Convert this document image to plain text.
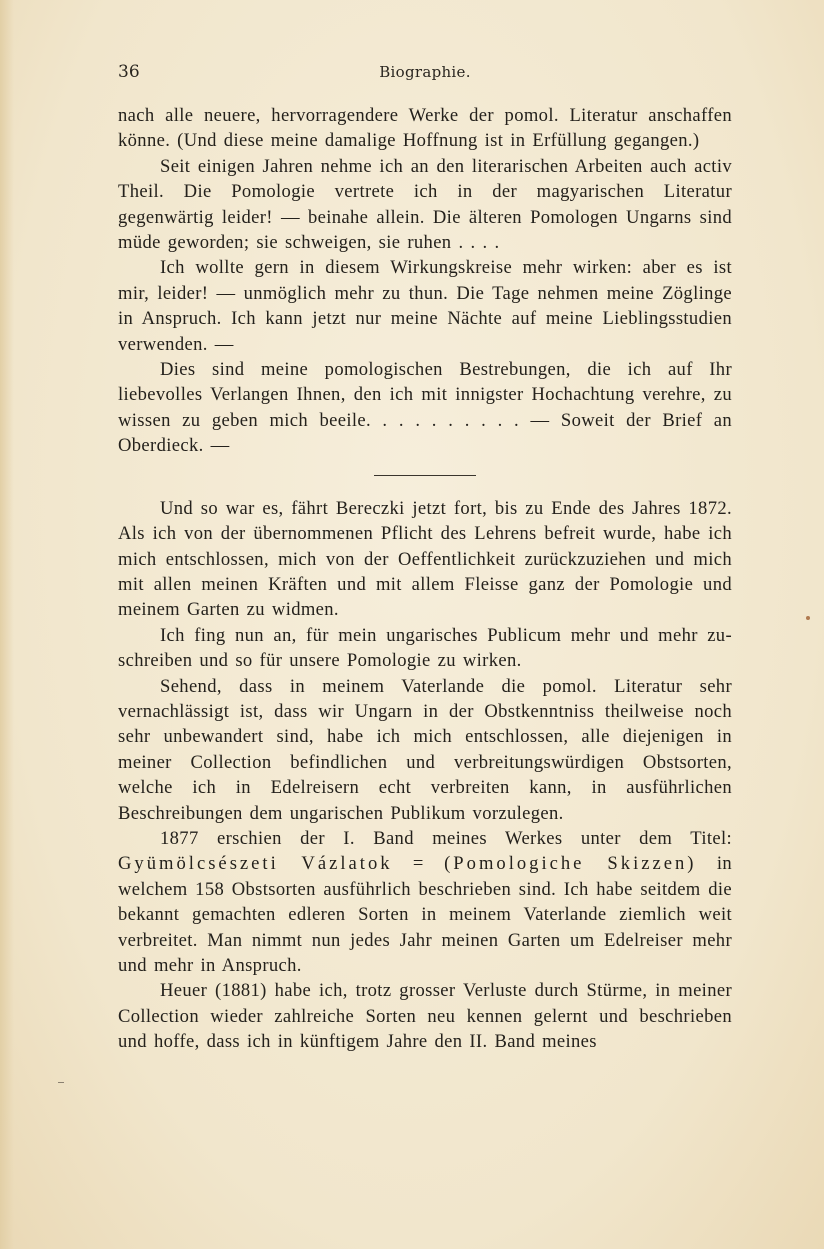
36	Biographie.

nach alle neuere, hervorragendere Werke der pomol. Literatur anschaffen könne. (Und diese meine damalige Hoffnung ist in Erfüllung gegangen.)

Seit einigen Jahren nehme ich an den literarischen Arbeiten auch activ Theil. Die Pomologie vertrete ich in der magyarischen Literatur gegenwärtig leider! — beinahe allein. Die älteren Pomologen Ungarns sind müde geworden; sie schweigen, sie ruhen . . . .

Ich wollte gern in diesem Wirkungskreise mehr wirken: aber es ist mir, leider! — unmöglich mehr zu thun. Die Tage nehmen meine Zöglinge in Anspruch. Ich kann jetzt nur meine Nächte auf meine Lieblingsstudien verwenden. —

Dies sind meine pomologischen Bestrebungen, die ich auf Ihr liebevolles Verlangen Ihnen, den ich mit innigster Hochachtung verehre, zu wissen zu geben mich beeile. . . . . . . . . . — Soweit der Brief an Oberdieck. —

Und so war es, fährt Bereczki jetzt fort, bis zu Ende des Jahres 1872. Als ich von der übernommenen Pflicht des Lehrens befreit wurde, habe ich mich entschlossen, mich von der Oeffentlichkeit zurückzuziehen und mich mit allen meinen Kräften und mit allem Fleisse ganz der Pomologie und meinem Garten zu widmen.

Ich fing nun an, für mein ungarisches Publicum mehr und mehr zu-schreiben und so für unsere Pomologie zu wirken.

Sehend, dass in meinem Vaterlande die pomol. Literatur sehr vernachlässigt ist, dass wir Ungarn in der Obstkenntniss theilweise noch sehr unbewandert sind, habe ich mich entschlossen, alle diejenigen in meiner Collection befindlichen und verbreitungswürdigen Obstsorten, welche ich in Edelreisern echt verbreiten kann, in ausführlichen Beschreibungen dem ungarischen Publikum vorzulegen.

1877 erschien der I. Band meines Werkes unter dem Titel: Gyümölcsészeti Vázlatok = (Pomologiche Skizzen) in welchem 158 Obstsorten ausführlich beschrieben sind. Ich habe seitdem die bekannt gemachten edleren Sorten in meinem Vaterlande ziemlich weit verbreitet. Man nimmt nun jedes Jahr meinen Garten um Edelreiser mehr und mehr in Anspruch.

Heuer (1881) habe ich, trotz grosser Verluste durch Stürme, in meiner Collection wieder zahlreiche Sorten neu kennen gelernt und beschrieben und hoffe, dass ich in künftigem Jahre den II. Band meines
